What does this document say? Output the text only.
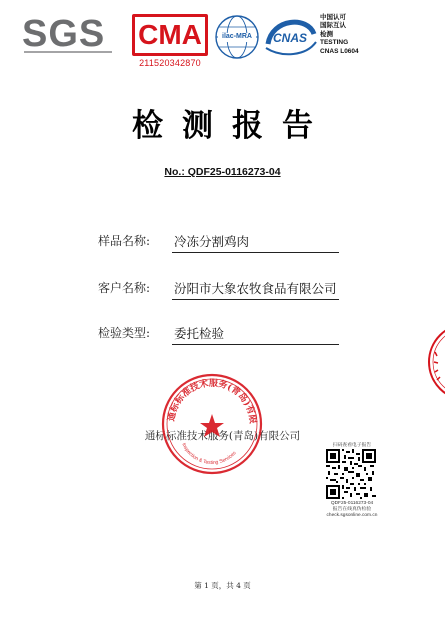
SGS	CMA
211520342870
ilac-MRA	CNAS
中国认可
国际互认
检测
TESTING
CNAS L0604
检测报告
No.: QDF25-0116273-04
样品名称: 冷冻分割鸡肉
客户名称: 汾阳市大象农牧食品有限公司
检验类型: 委托检验
通标标准技术服务(青岛)有限公司
通标标准技术服务(青岛)有限
Inspection & Testing Services
扫码查看电子报告
QDF25-0116273-04
报告在线真伪检验
check.sgsonline.com.cn
第 1 页，共 4 页
